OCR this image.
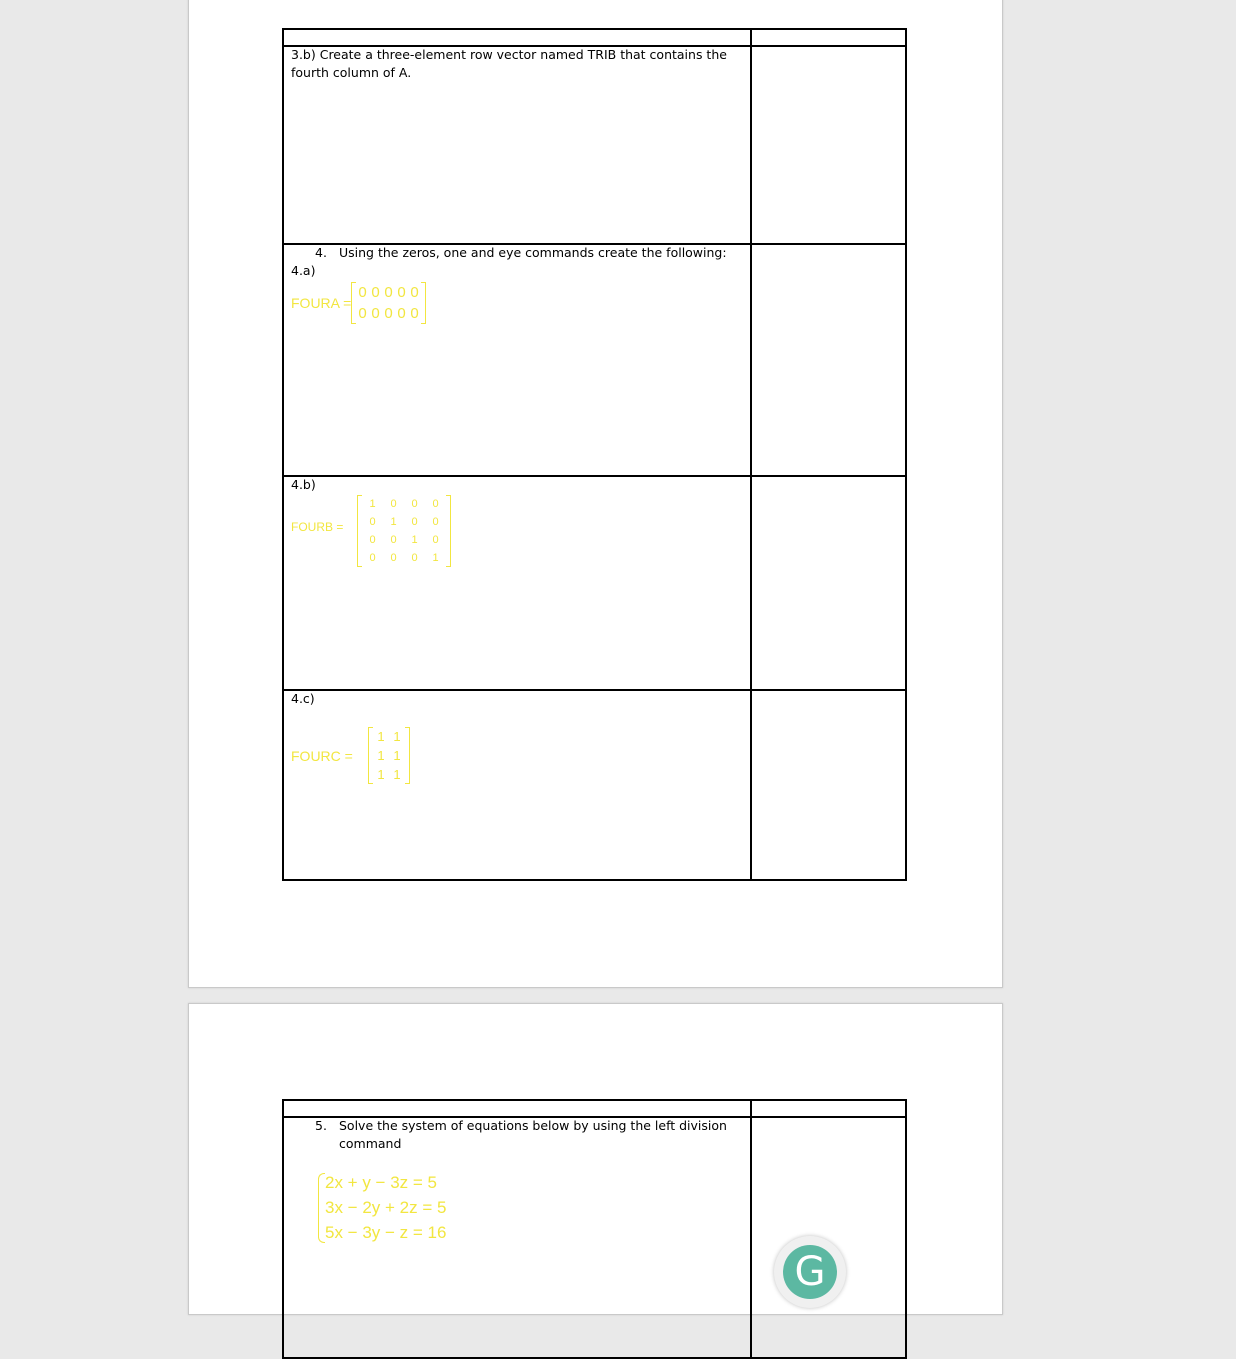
3.b) Create a three-element row vector named TRIB that contains the
fourth column of A.
4. Using the zeros, one and eye commands create the following:
4.a)
FOURA =
0 0 0 0 0
0 0 0 0 0
4.b)
FOURB =
1	0	0	0
0	1	0	0
0	0	1	0
0	0	0	1
4.c)
FOURC =
1 1
1 1
1 1
5. Solve the system of equations below by using the left division
command
2x + y − 3z = 5
3x − 2y + 2z = 5
5x − 3y − z = 16
G
